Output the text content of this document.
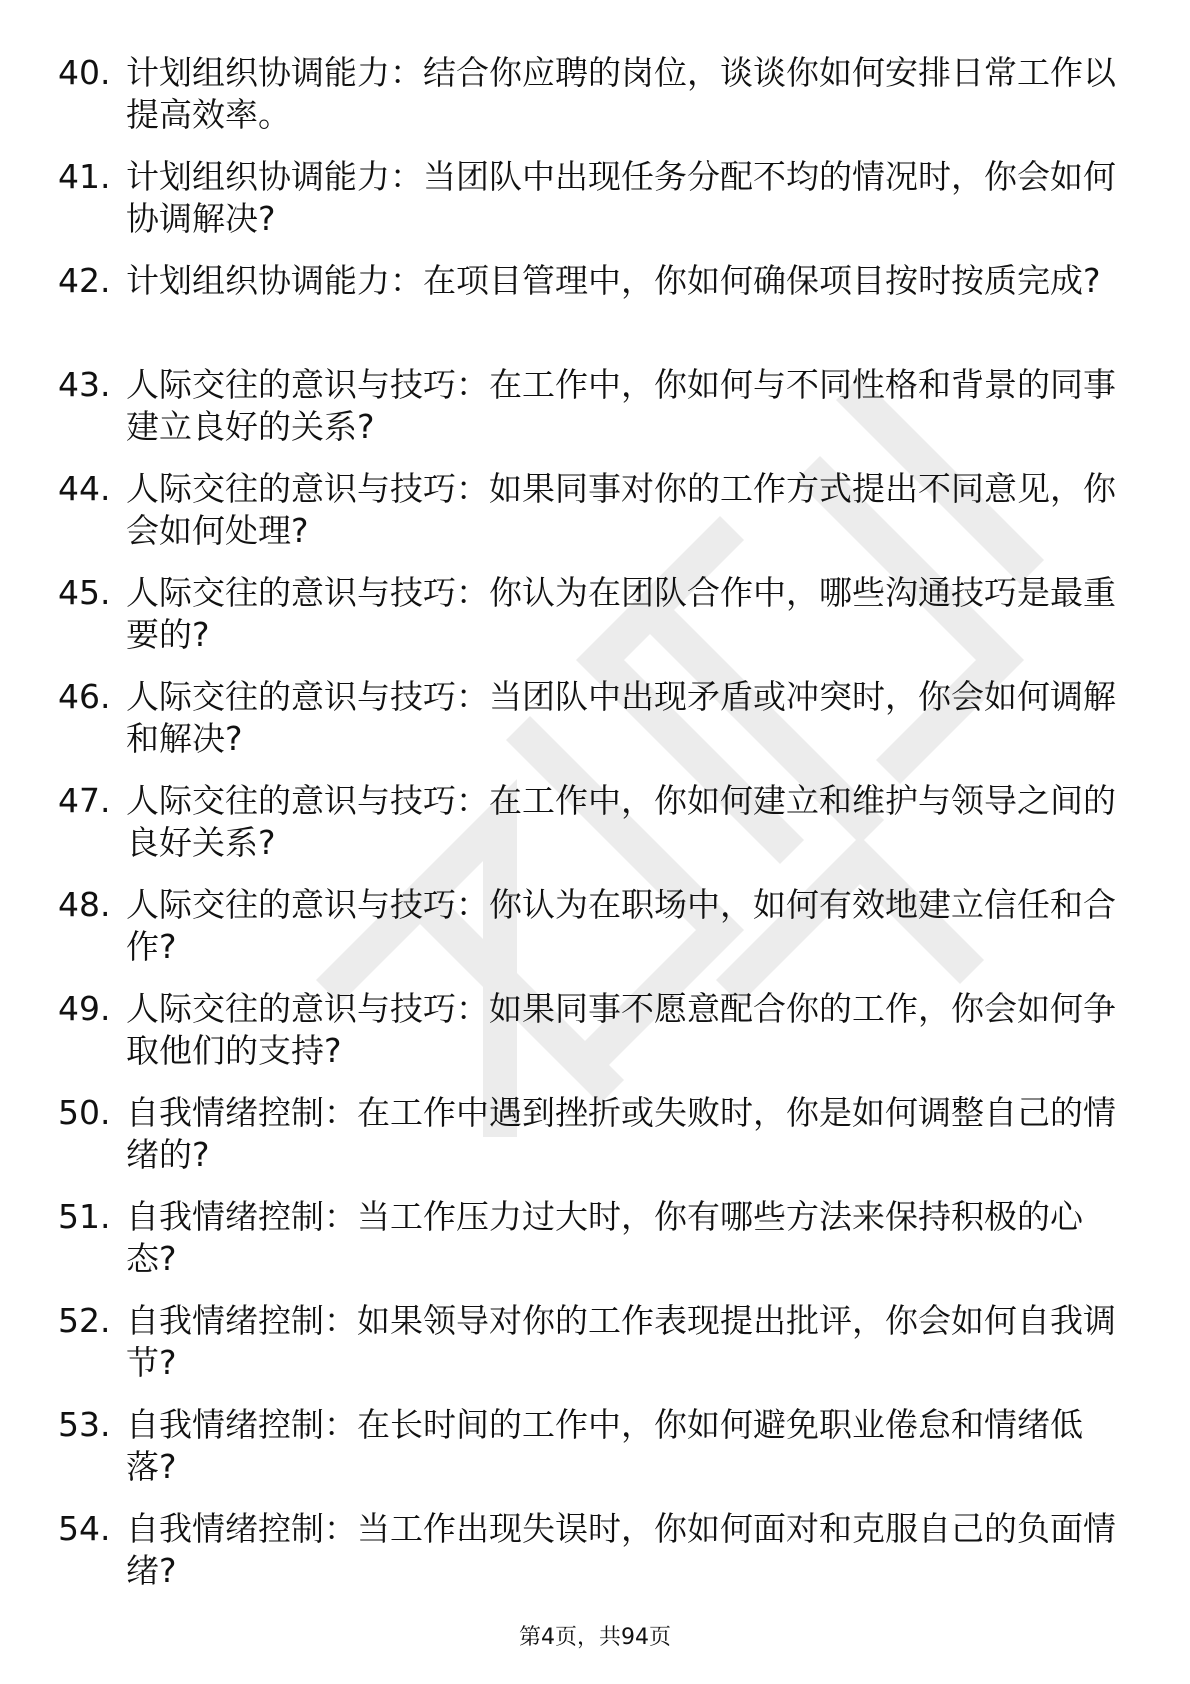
40. 计划组织协调能力：结合你应聘的岗位，谈谈你如何安排日常工作以提高效率。
41. 计划组织协调能力：当团队中出现任务分配不均的情况时，你会如何协调解决?
42. 计划组织协调能力：在项目管理中，你如何确保项目按时按质完成?
43. 人际交往的意识与技巧：在工作中，你如何与不同性格和背景的同事建立良好的关系?
44. 人际交往的意识与技巧：如果同事对你的工作方式提出不同意见，你会如何处理?
45. 人际交往的意识与技巧：你认为在团队合作中，哪些沟通技巧是最重要的?
46. 人际交往的意识与技巧：当团队中出现矛盾或冲突时，你会如何调解和解决?
47. 人际交往的意识与技巧：在工作中，你如何建立和维护与领导之间的良好关系?
48. 人际交往的意识与技巧：你认为在职场中，如何有效地建立信任和合作?
49. 人际交往的意识与技巧：如果同事不愿意配合你的工作，你会如何争取他们的支持?
50. 自我情绪控制：在工作中遇到挫折或失败时，你是如何调整自己的情绪的?
51. 自我情绪控制：当工作压力过大时，你有哪些方法来保持积极的心态?
52. 自我情绪控制：如果领导对你的工作表现提出批评，你会如何自我调节?
53. 自我情绪控制：在长时间的工作中，你如何避免职业倦怠和情绪低落?
54. 自我情绪控制：当工作出现失误时，你如何面对和克服自己的负面情绪?
第4页，共94页
